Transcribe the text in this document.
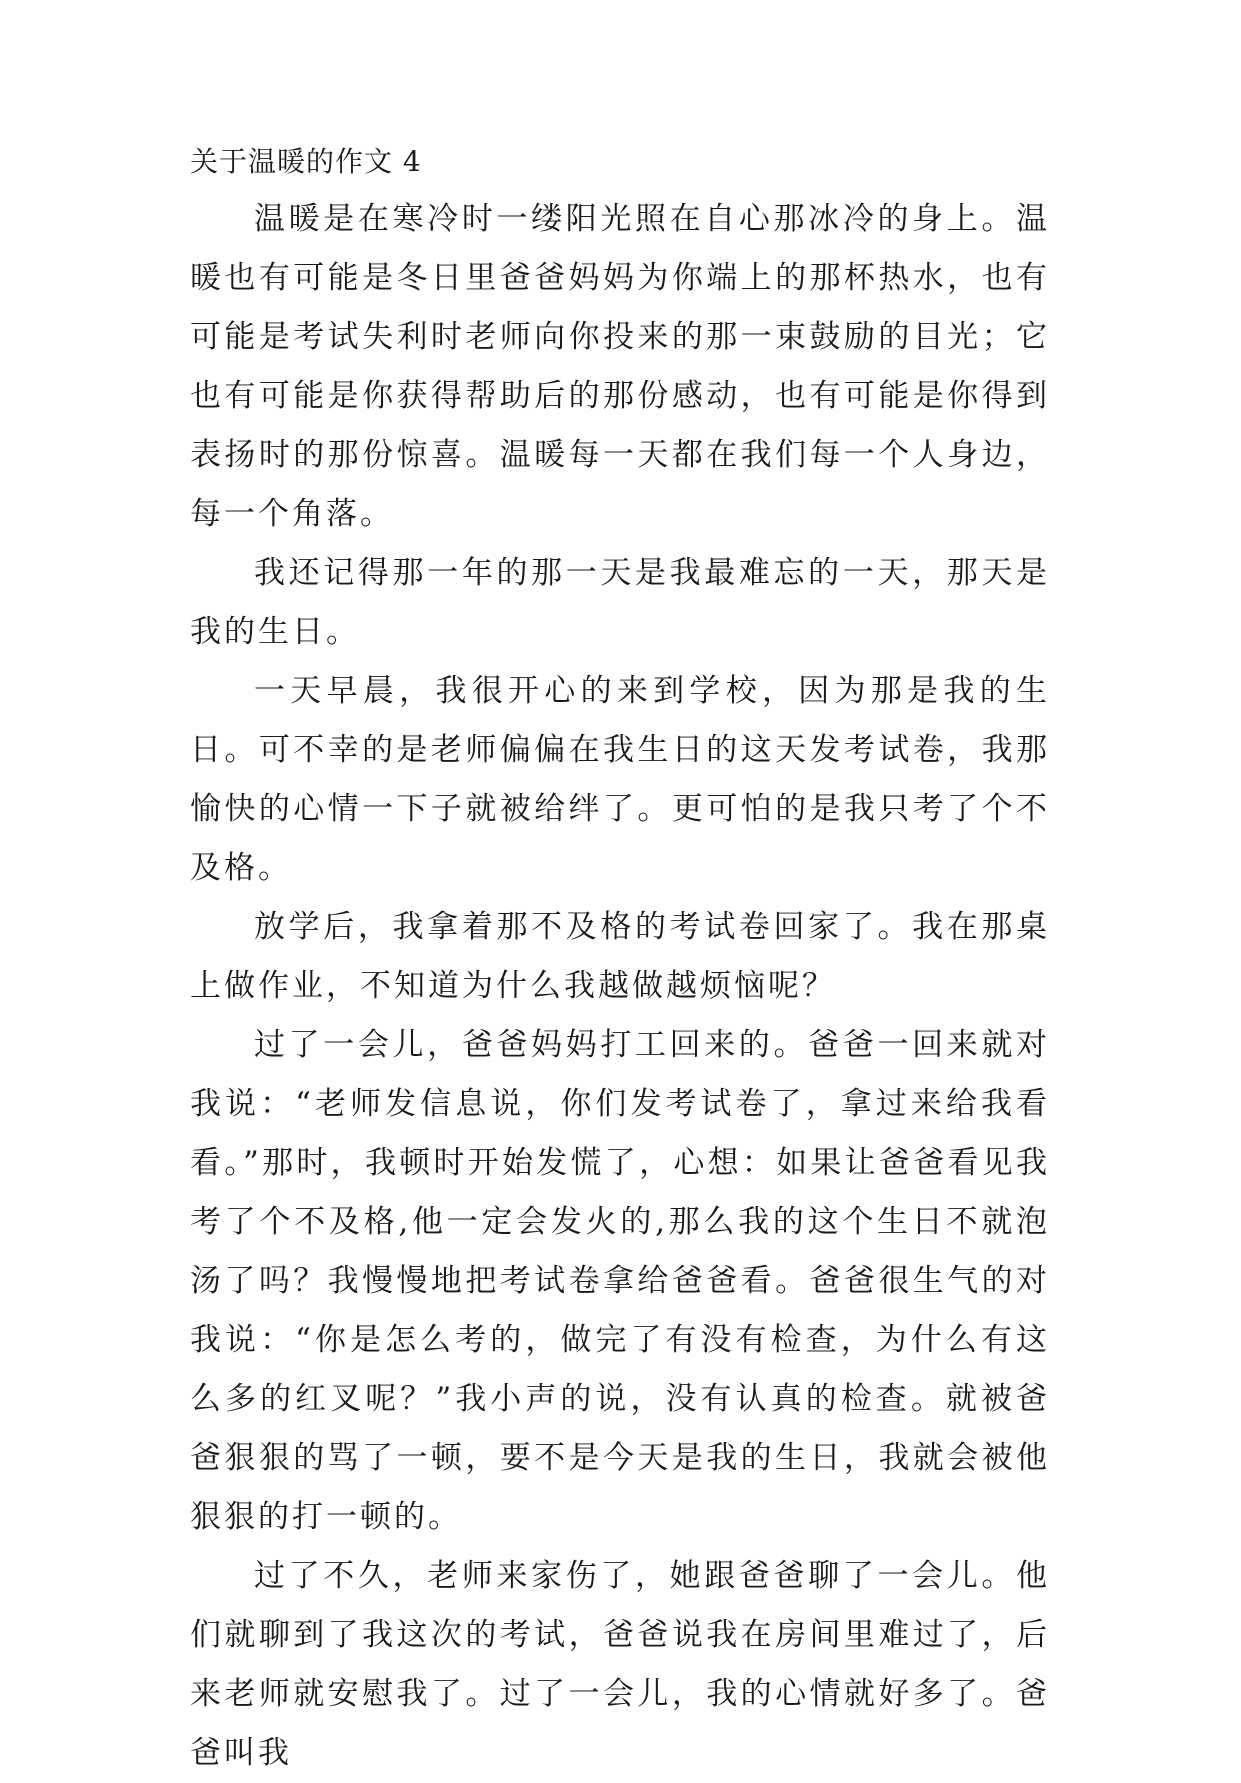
关于温暖的作文 4

温暖是在寒冷时一缕阳光照在自心那冰冷的身上。温暖也有可能是冬日里爸爸妈妈为你端上的那杯热水，也有可能是考试失利时老师向你投来的那一束鼓励的目光；它也有可能是你获得帮助后的那份感动，也有可能是你得到表扬时的那份惊喜。温暖每一天都在我们每一个人身边，每一个角落。

我还记得那一年的那一天是我最难忘的一天，那天是我的生日。

一天早晨，我很开心的来到学校，因为那是我的生日。可不幸的是老师偏偏在我生日的这天发考试卷，我那愉快的心情一下子就被给绊了。更可怕的是我只考了个不及格。

放学后，我拿着那不及格的考试卷回家了。我在那桌上做作业，不知道为什么我越做越烦恼呢？

过了一会儿，爸爸妈妈打工回来的。爸爸一回来就对我说：“老师发信息说，你们发考试卷了，拿过来给我看看。”那时，我顿时开始发慌了，心想：如果让爸爸看见我考了个不及格,他一定会发火的,那么我的这个生日不就泡汤了吗？我慢慢地把考试卷拿给爸爸看。爸爸很生气的对我说：“你是怎么考的，做完了有没有检查，为什么有这么多的红叉呢？”我小声的说，没有认真的检查。就被爸爸狠狠的骂了一顿，要不是今天是我的生日，我就会被他狠狠的打一顿的。

过了不久，老师来家伤了，她跟爸爸聊了一会儿。他们就聊到了我这次的考试，爸爸说我在房间里难过了，后来老师就安慰我了。过了一会儿，我的心情就好多了。爸爸叫我
